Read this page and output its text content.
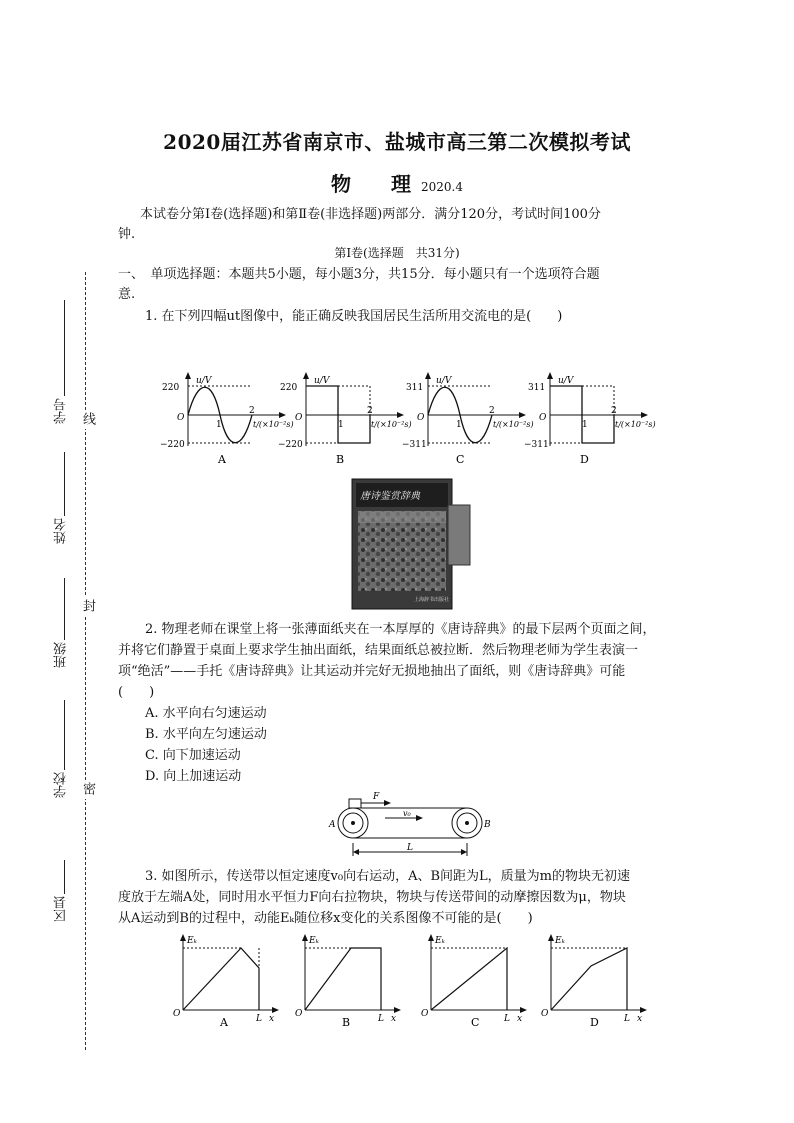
线
封
密
学号
姓名
班级
学校
区县
2020届江苏省南京市、盐城市高三第二次模拟考试
物　　理 2020.4
本试卷分第Ⅰ卷(选择题)和第Ⅱ卷(非选择题)两部分．满分120分，考试时间100分
钟.
第Ⅰ卷(选择题　共31分)
一、　单项选择题：本题共5小题，每小题3分，共15分．每小题只有一个选项符合题
意.
1. 在下列四幅ut图像中，能正确反映我国居民生活所用交流电的是(　　)
u/V
220
−220
O
1
2
t/(×10⁻²s)
A
u/V
220
−220
O
1
2
t/(×10⁻²s)
B
u/V
311
−311
O
1
2
t/(×10⁻²s)
C
u/V
311
−311
O
1
2
t/(×10⁻²s)
D
唐诗鉴赏辞典
上海辞书出版社
2. 物理老师在课堂上将一张薄面纸夹在一本厚厚的《唐诗辞典》的最下层两个页面之间，
并将它们静置于桌面上要求学生抽出面纸，结果面纸总被拉断．然后物理老师为学生表演一
项“绝活”——手托《唐诗辞典》让其运动并完好无损地抽出了面纸，则《唐诗辞典》可能
(　　)
A. 水平向右匀速运动
B. 水平向左匀速运动
C. 向下加速运动
D. 向上加速运动
F
v₀
A	B
L
3. 如图所示，传送带以恒定速度v₀向右运动，A、B间距为L，质量为m的物块无初速
度放于左端A处，同时用水平恒力F向右拉物块，物块与传送带间的动摩擦因数为μ，物块
从A运动到B的过程中，动能Eₖ随位移x变化的关系图像不可能的是(　　)
Eₖ
O	L x
A
Eₖ
O	L x
B
Eₖ
O	L x
C
Eₖ
O	L x
D
